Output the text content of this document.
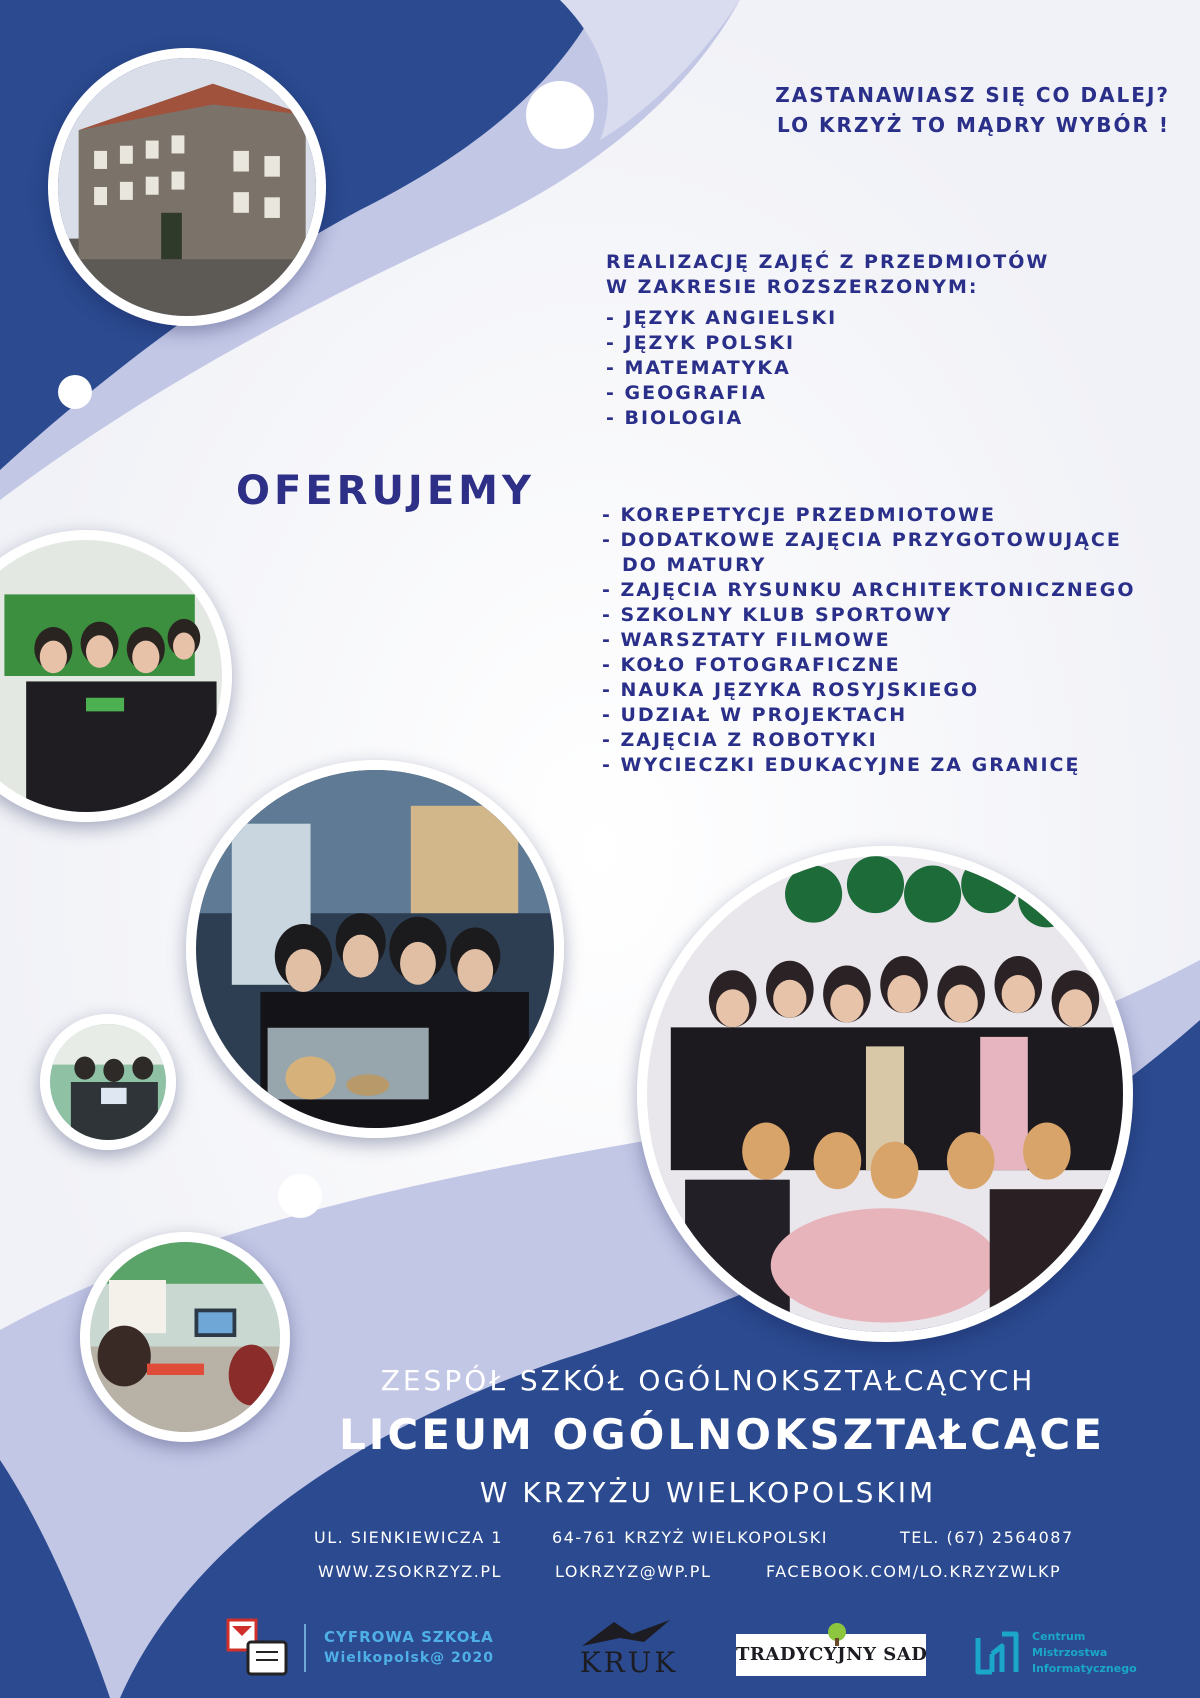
ZASTANAWIASZ SIĘ CO DALEJ?
LO KRZYŻ TO MĄDRY WYBÓR !
REALIZACJĘ ZAJĘĆ Z PRZEDMIOTÓW
W ZAKRESIE ROZSZERZONYM:
- JĘZYK ANGIELSKI
- JĘZYK POLSKI
- MATEMATYKA
- GEOGRAFIA
- BIOLOGIA
OFERUJEMY
- KOREPETYCJE PRZEDMIOTOWE
- DODATKOWE ZAJĘCIA PRZYGOTOWUJĄCE
DO MATURY
- ZAJĘCIA RYSUNKU ARCHITEKTONICZNEGO
- SZKOLNY KLUB SPORTOWY
- WARSZTATY FILMOWE
- KOŁO FOTOGRAFICZNE
- NAUKA JĘZYKA ROSYJSKIEGO
- UDZIAŁ W PROJEKTACH
- ZAJĘCIA Z ROBOTYKI
- WYCIECZKI EDUKACYJNE ZA GRANICĘ
ZESPÓŁ SZKÓŁ OGÓLNOKSZTAŁCĄCYCH
LICEUM OGÓLNOKSZTAŁCĄCE
W KRZYŻU WIELKOPOLSKIM
UL. SIENKIEWICZA 1	64-761 KRZYŻ WIELKOPOLSKI	TEL. (67) 2564087
WWW.ZSOKRZYZ.PL	LOKRZYZ@WP.PL	FACEBOOK.COM/LO.KRZYZWLKP
CYFROWA SZKOŁA
Wielkopolsk@ 2020	KRUK	TRADYCYJNY SAD
Centrum
Mistrzostwa
Informatycznego
